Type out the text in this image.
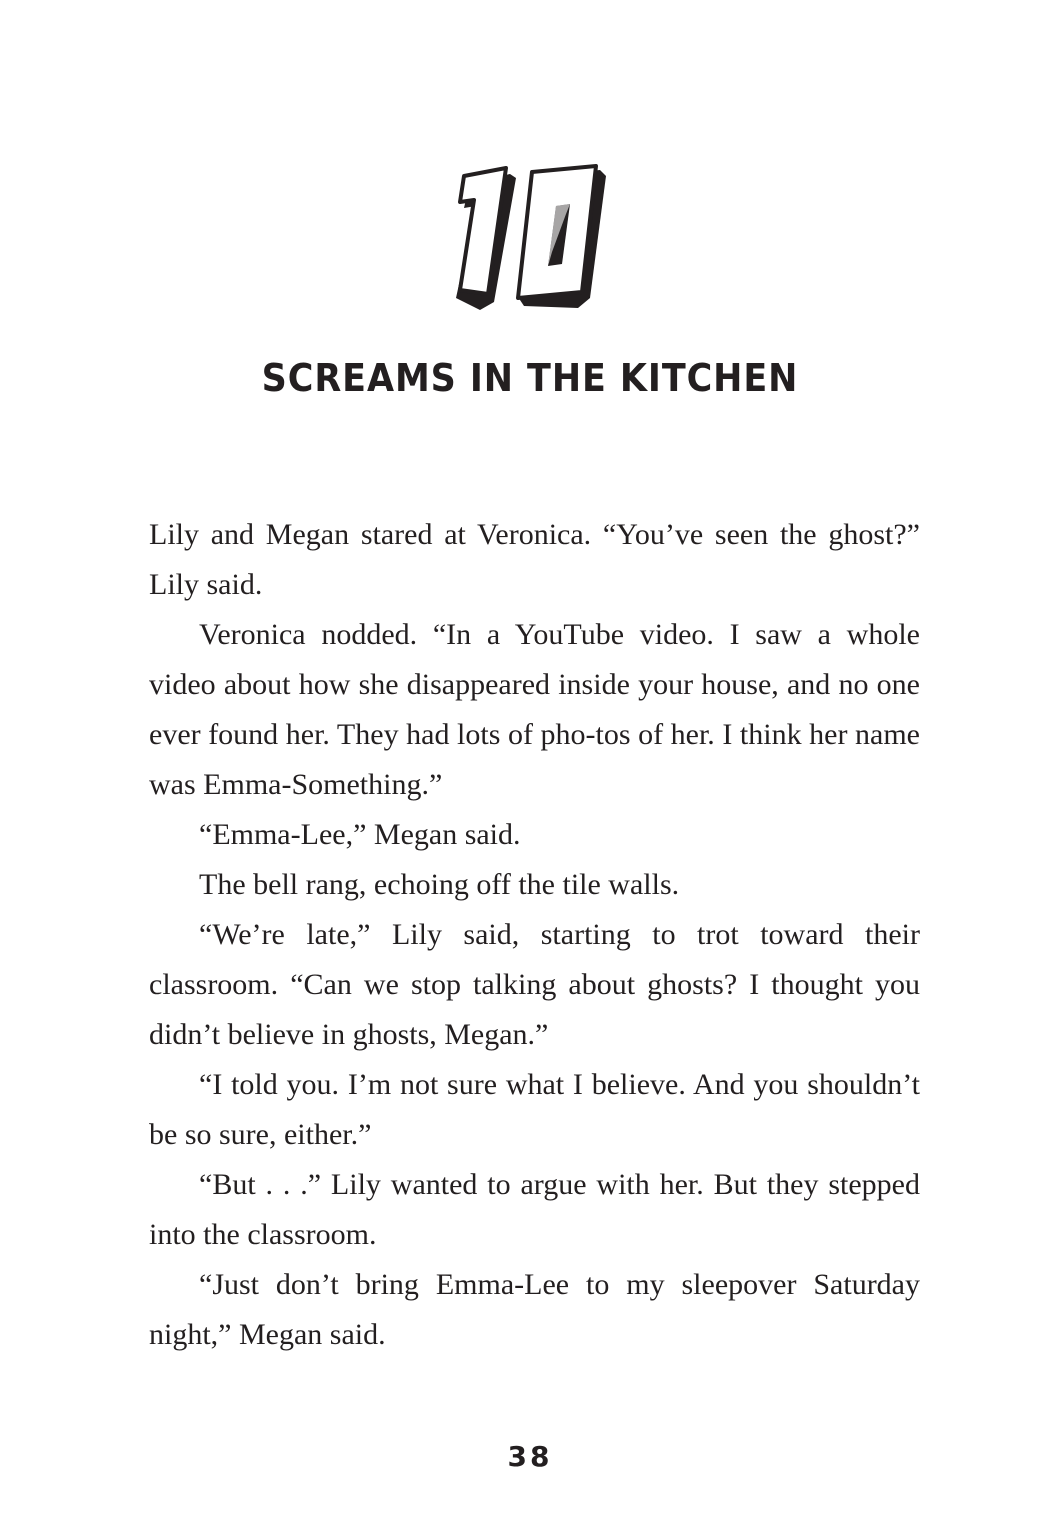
SCREAMS IN THE KITCHEN

Lily and Megan stared at Veronica. “You’ve seen the ghost?” Lily said.

Veronica nodded. “In a YouTube video. I saw a whole video about how she disappeared inside your house, and no one ever found her. They had lots of pho-tos of her. I think her name was Emma-Something.”

“Emma-Lee,” Megan said.

The bell rang, echoing off the tile walls.

“We’re late,” Lily said, starting to trot toward their classroom. “Can we stop talking about ghosts? I thought you didn’t believe in ghosts, Megan.”

“I told you. I’m not sure what I believe. And you shouldn’t be so sure, either.”

“But . . .” Lily wanted to argue with her. But they stepped into the classroom.

“Just don’t bring Emma-Lee to my sleepover Saturday night,” Megan said.

38
